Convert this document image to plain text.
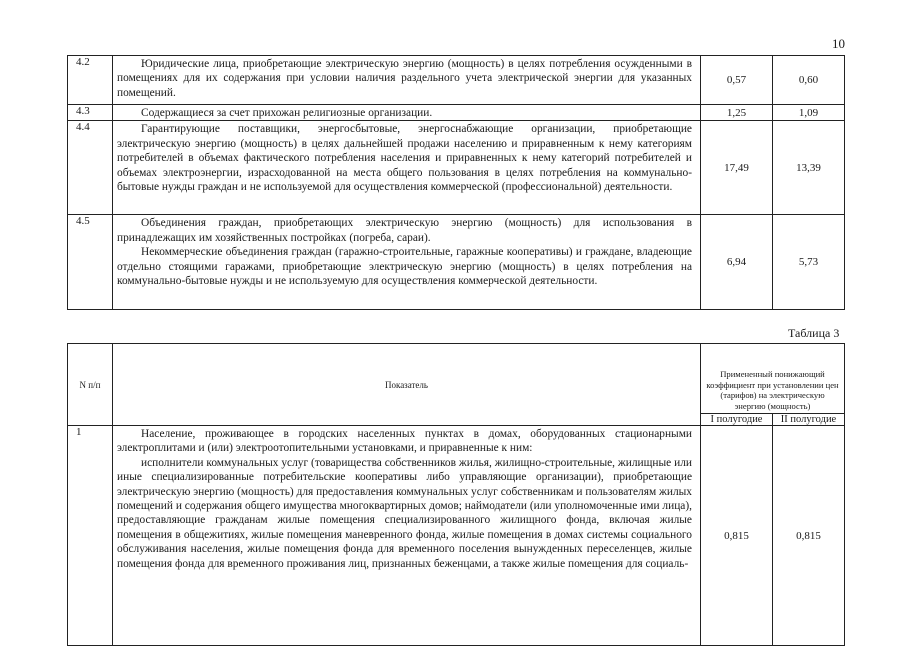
10
4.2	Юридические лица, приобретающие электрическую энергию (мощность) в целях потребления осужденными в помещениях для их содержания при условии наличия раздельного учета электрической энергии для указанных помещений.	0,57	0,60
4.3	Содержащиеся за счет прихожан религиозные организации.	1,25	1,09
4.4	Гарантирующие поставщики, энергосбытовые, энергоснабжающие организации, приобретающие электрическую энергию (мощность) в целях дальнейшей продажи населению и приравненным к нему категориям потребителей в объемах фактического потребления населения и приравненных к нему категорий потребителей и объемах электроэнергии, израсходованной на места общего пользования в целях потребления на коммунально-бытовые нужды граждан и не используемой для осуществления коммерческой (профессиональной) деятельности.	17,49	13,39
4.5	Объединения граждан, приобретающих электрическую энергию (мощность) для использования в принадлежащих им хозяйственных постройках (погреба, сараи).

Некоммерческие объединения граждан (гаражно-строительные, гаражные кооперативы) и граждане, владеющие отдельно стоящими гаражами, приобретающие электрическую энергию (мощность) в целях потребления на коммунально-бытовые нужды и не используемую для осуществления коммерческой деятельности.	6,94	5,73
Таблица 3
N п/п	Показатель	Примененный понижающий коэффициент при установлении цен (тарифов) на электрическую энергию (мощность)	
		I полугодие	II полугодие
1	Население, проживающее в городских населенных пунктах в домах, оборудованных стационарными электроплитами и (или) электроотопительными установками, и приравненные к ним:

исполнители коммунальных услуг (товарищества собственников жилья, жилищно-строительные, жилищные или иные специализированные потребительские кооперативы либо управляющие организации), приобретающие электрическую энергию (мощность) для предоставления коммунальных услуг собственникам и пользователям жилых помещений и содержания общего имущества многоквартирных домов; наймодатели (или уполномоченные ими лица), предоставляющие гражданам жилые помещения специализированного жилищного фонда, включая жилые помещения в общежитиях, жилые помещения маневренного фонда, жилые помещения в домах системы социального обслуживания населения, жилые помещения фонда для временного поселения вынужденных переселенцев, жилые помещения фонда для временного проживания лиц, признанных беженцами, а также жилые помещения для социаль-	0,815	0,815
